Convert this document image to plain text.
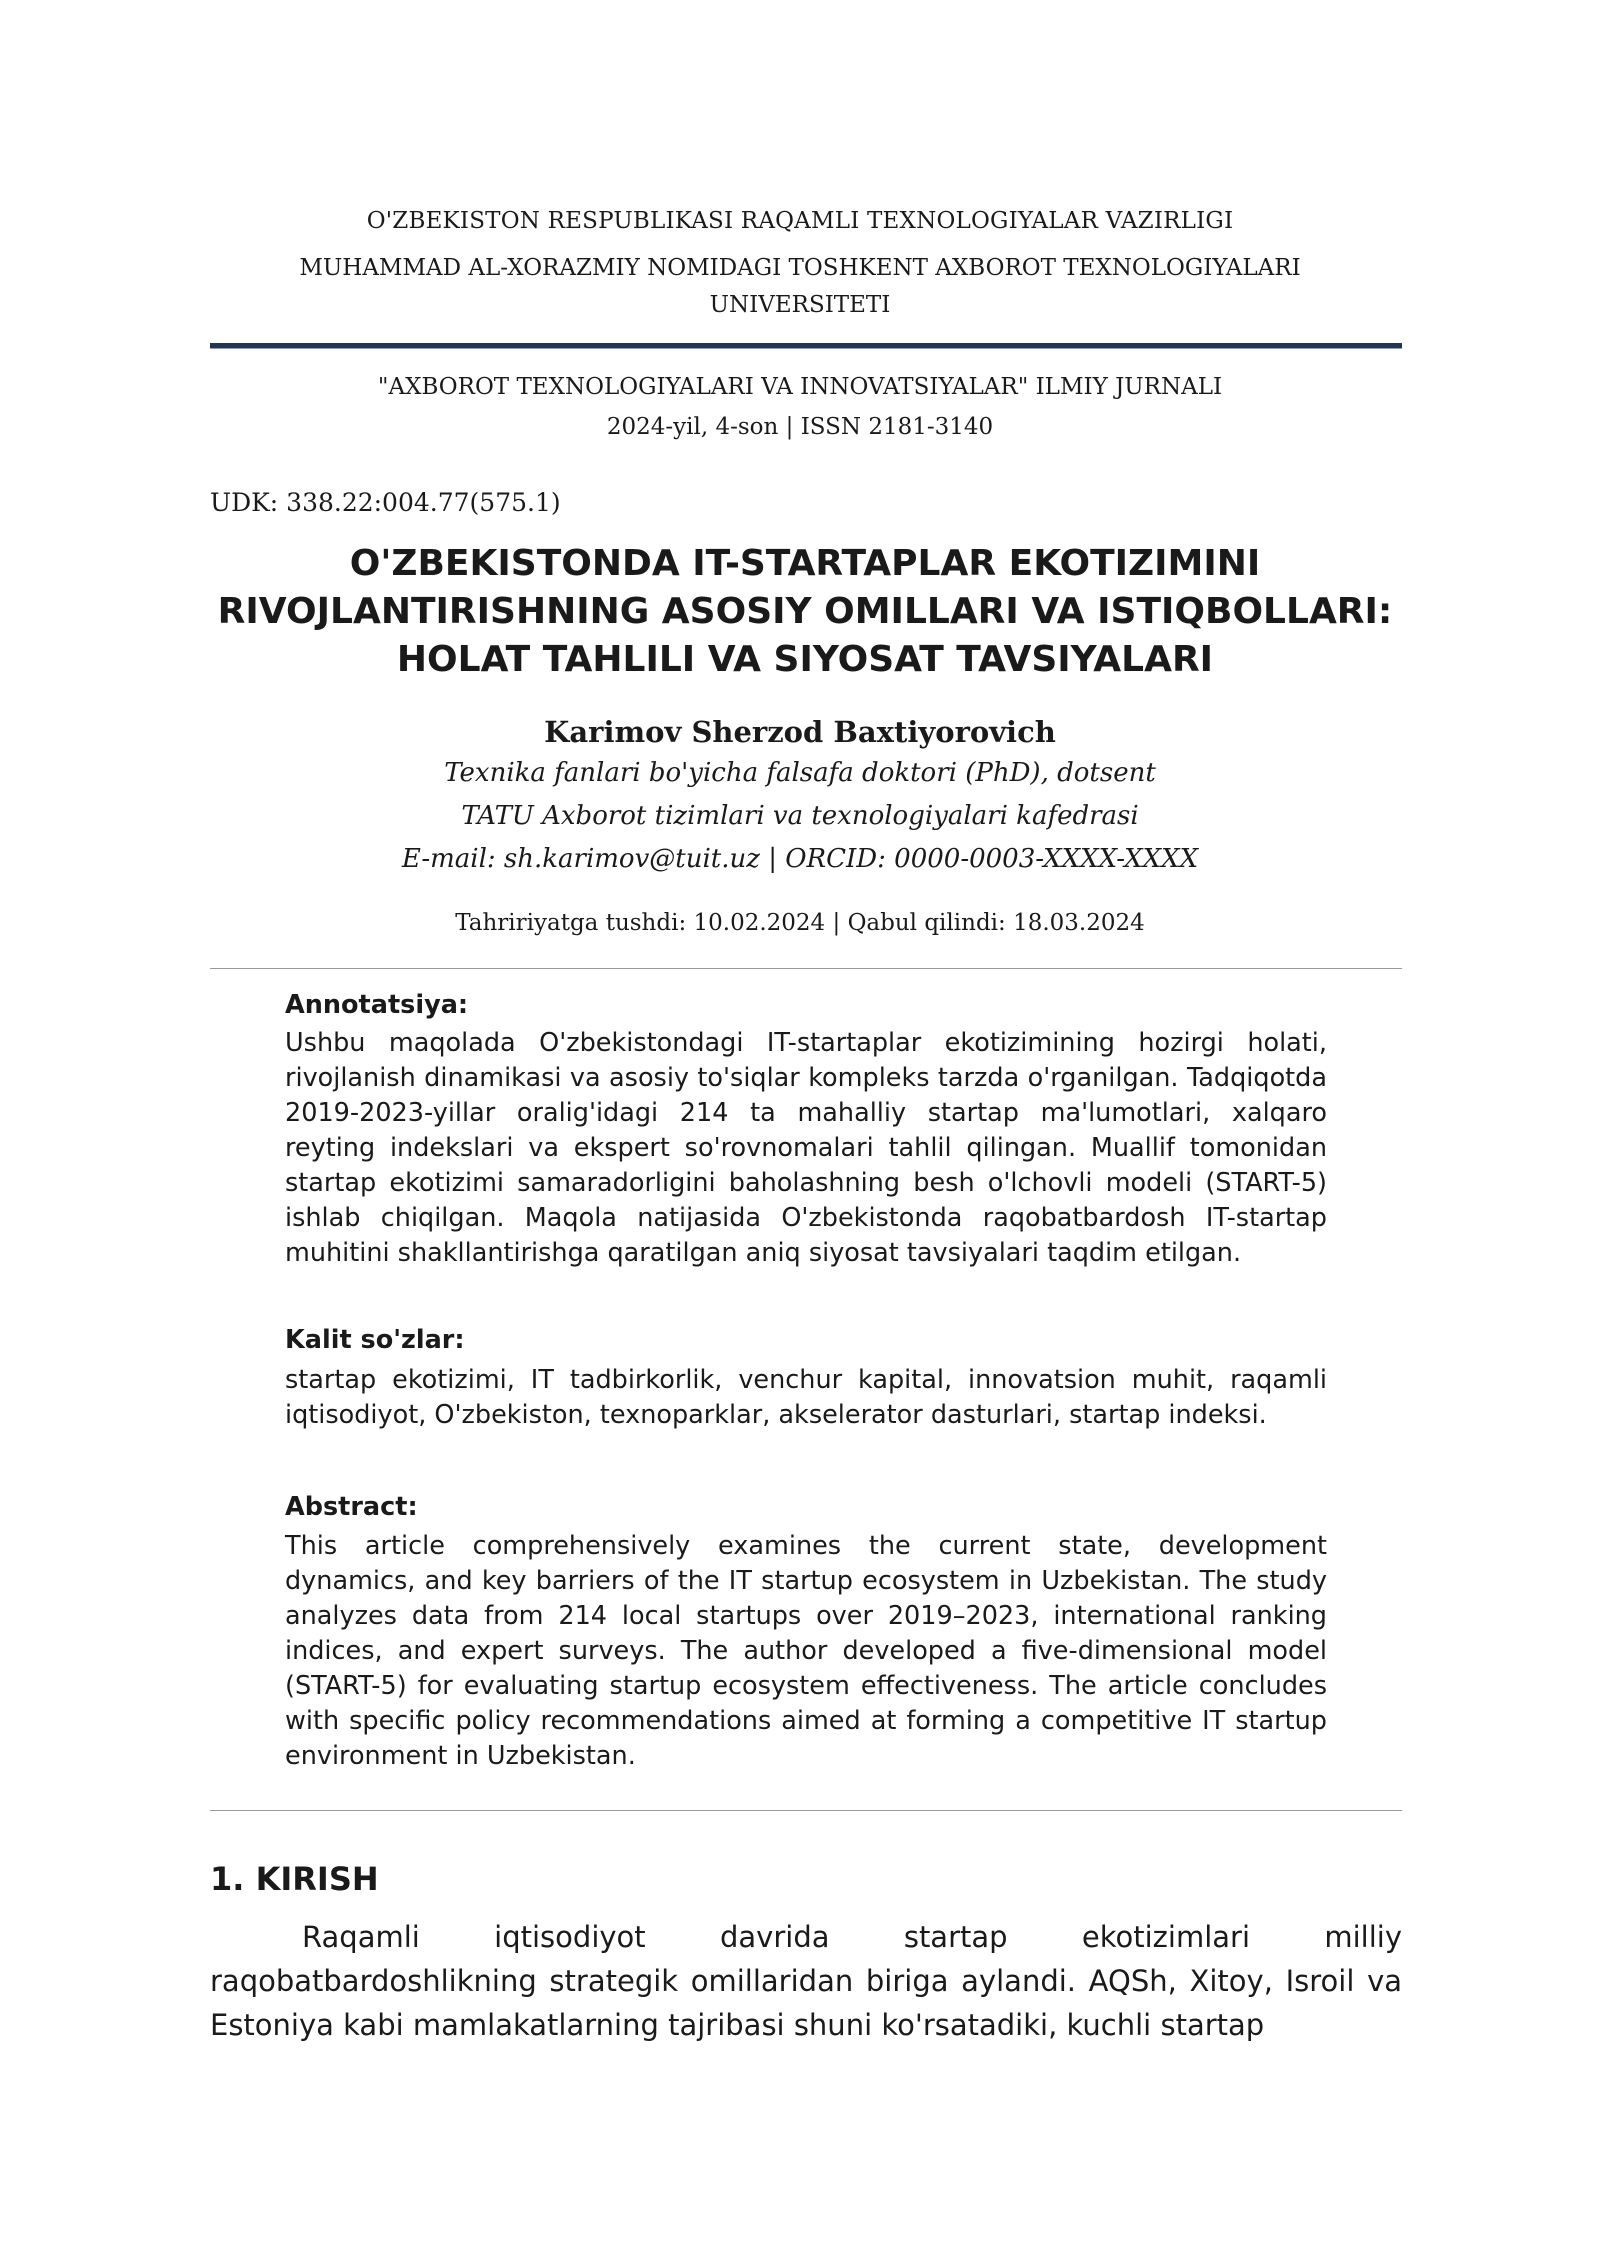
O'ZBEKISTON RESPUBLIKASI RAQAMLI TEXNOLOGIYALAR VAZIRLIGI
MUHAMMAD AL-XORAZMIY NOMIDAGI TOSHKENT AXBOROT TEXNOLOGIYALARI UNIVERSITETI
"AXBOROT TEXNOLOGIYALARI VA INNOVATSIYALAR" ILMIY JURNALI
2024-yil, 4-son | ISSN 2181-3140
UDK: 338.22:004.77(575.1)
O'ZBEKISTONDA IT-STARTAPLAR EKOTIZIMINI RIVOJLANTIRISHNING ASOSIY OMILLARI VA ISTIQBOLLARI: HOLAT TAHLILI VA SIYOSAT TAVSIYALARI
Karimov Sherzod Baxtiyorovich
Texnika fanlari bo'yicha falsafa doktori (PhD), dotsent
TATU Axborot tizimlari va texnologiyalari kafedrasi
E-mail: sh.karimov@tuit.uz | ORCID: 0000-0003-XXXX-XXXX
Tahririyatga tushdi: 10.02.2024 | Qabul qilindi: 18.03.2024
Annotatsiya:
Ushbu maqolada O'zbekistondagi IT-startaplar ekotizimining hozirgi holati, rivojlanish dinamikasi va asosiy to'siqlar kompleks tarzda o'rganilgan. Tadqiqotda 2019-2023-yillar oralig'idagi 214 ta mahalliy startap ma'lumotlari, xalqaro reyting indekslari va ekspert so'rovnomalari tahlil qilingan. Muallif tomonidan startap ekotizimi samaradorligini baholashning besh o'lchovli modeli (START-5) ishlab chiqilgan. Maqola natijasida O'zbekistonda raqobatbardosh IT-startap muhitini shakllantirishga qaratilgan aniq siyosat tavsiyalari taqdim etilgan.
Kalit so'zlar:
startap ekotizimi, IT tadbirkorlik, venchur kapital, innovatsion muhit, raqamli iqtisodiyot, O'zbekiston, texnoparklar, akselerator dasturlari, startap indeksi.
Abstract:
This article comprehensively examines the current state, development dynamics, and key barriers of the IT startup ecosystem in Uzbekistan. The study analyzes data from 214 local startups over 2019–2023, international ranking indices, and expert surveys. The author developed a five-dimensional model (START-5) for evaluating startup ecosystem effectiveness. The article concludes with specific policy recommendations aimed at forming a competitive IT startup environment in Uzbekistan.
1. KIRISH
Raqamli iqtisodiyot davrida startap ekotizimlari milliy raqobatbardoshlikning strategik omillaridan biriga aylandi. AQSh, Xitoy, Isroil va Estoniya kabi mamlakatlarning tajribasi shuni ko'rsatadiki, kuchli startap
